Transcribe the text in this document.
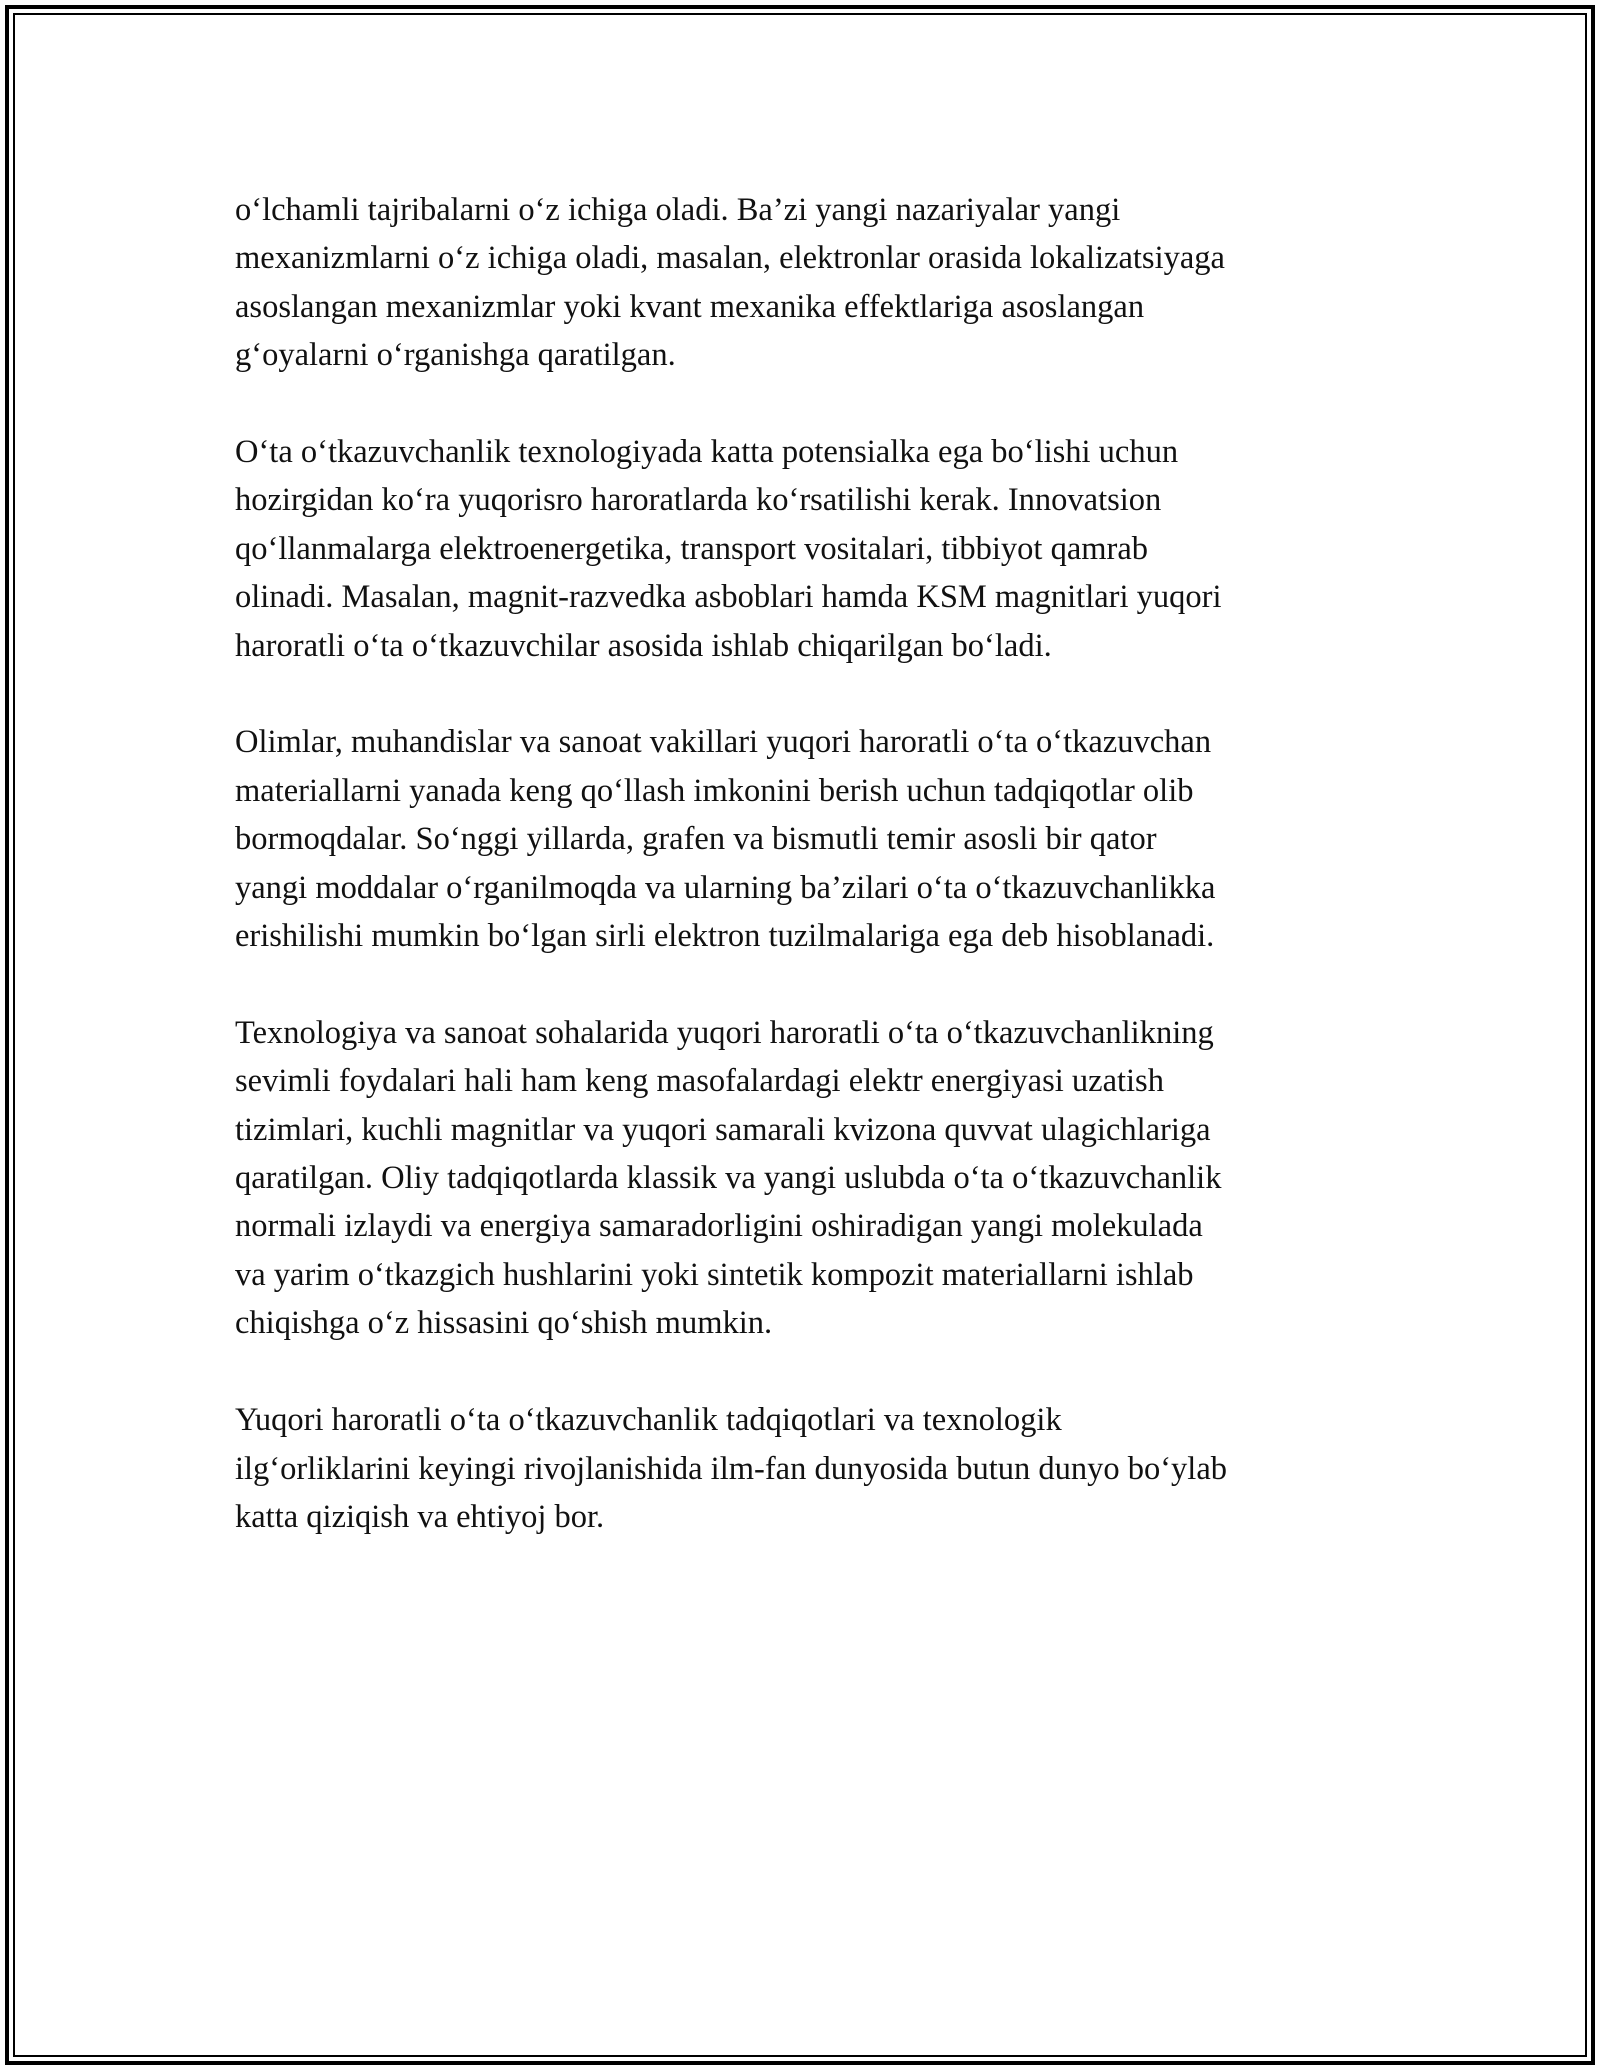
o‘lchamli tajribalarni o‘z ichiga oladi. Ba’zi yangi nazariyalar yangi
mexanizmlarni o‘z ichiga oladi, masalan, elektronlar orasida lokalizatsiyaga
asoslangan mexanizmlar yoki kvant mexanika effektlariga asoslangan
g‘oyalarni o‘rganishga qaratilgan.

O‘ta o‘tkazuvchanlik texnologiyada katta potensialka ega bo‘lishi uchun
hozirgidan ko‘ra yuqorisro haroratlarda ko‘rsatilishi kerak. Innovatsion
qo‘llanmalarga elektroenergetika, transport vositalari, tibbiyot qamrab
olinadi. Masalan, magnit-razvedka asboblari hamda KSM magnitlari yuqori
haroratli o‘ta o‘tkazuvchilar asosida ishlab chiqarilgan bo‘ladi.

Olimlar, muhandislar va sanoat vakillari yuqori haroratli o‘ta o‘tkazuvchan
materiallarni yanada keng qo‘llash imkonini berish uchun tadqiqotlar olib
bormoqdalar. So‘nggi yillarda, grafen va bismutli temir asosli bir qator
yangi moddalar o‘rganilmoqda va ularning ba’zilari o‘ta o‘tkazuvchanlikka
erishilishi mumkin bo‘lgan sirli elektron tuzilmalariga ega deb hisoblanadi.

Texnologiya va sanoat sohalarida yuqori haroratli o‘ta o‘tkazuvchanlikning
sevimli foydalari hali ham keng masofalardagi elektr energiyasi uzatish
tizimlari, kuchli magnitlar va yuqori samarali kvizona quvvat ulagichlariga
qaratilgan. Oliy tadqiqotlarda klassik va yangi uslubda o‘ta o‘tkazuvchanlik
normali izlaydi va energiya samaradorligini oshiradigan yangi molekulada
va yarim o‘tkazgich hushlarini yoki sintetik kompozit materiallarni ishlab
chiqishga o‘z hissasini qo‘shish mumkin.

Yuqori haroratli o‘ta o‘tkazuvchanlik tadqiqotlari va texnologik
ilg‘orliklarini keyingi rivojlanishida ilm-fan dunyosida butun dunyo bo‘ylab
katta qiziqish va ehtiyoj bor.
